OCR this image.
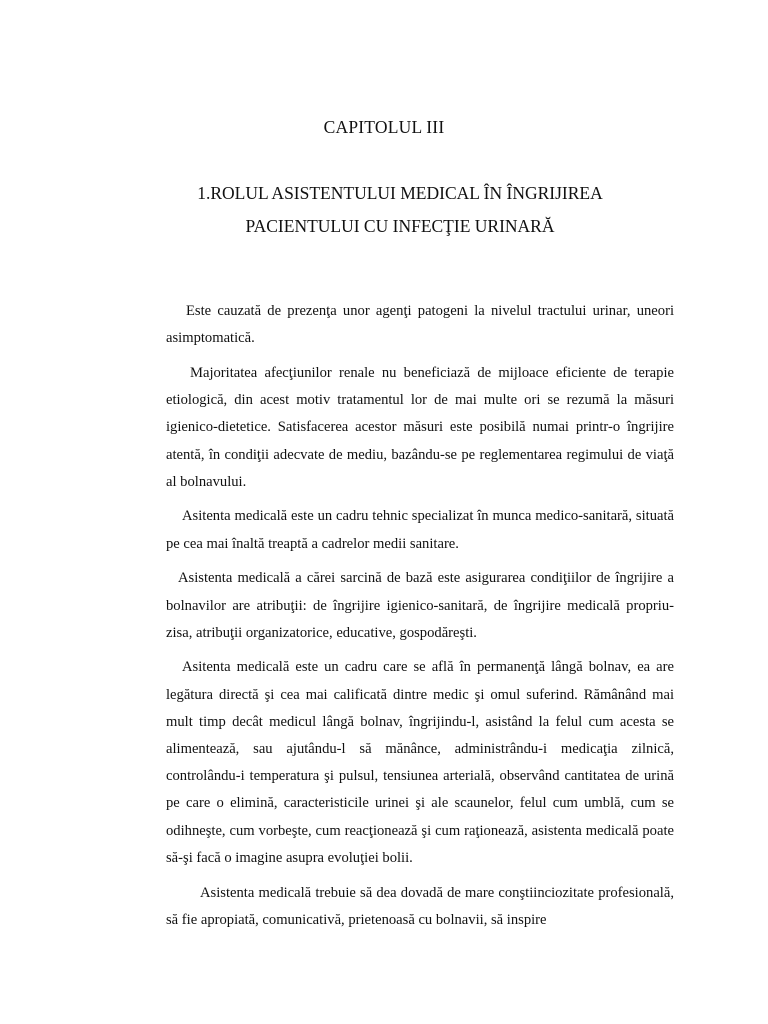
CAPITOLUL III
1.ROLUL ASISTENTULUI MEDICAL ÎN ÎNGRIJIREA
PACIENTULUI CU INFECŢIE URINARĂ

Este cauzată de prezenţa unor agenţi patogeni la nivelul tractului urinar, uneori asimptomatică.

Majoritatea afecţiunilor renale nu beneficiază de mijloace eficiente de terapie etiologică, din acest motiv tratamentul lor de mai multe ori se rezumă la măsuri igienico-dietetice. Satisfacerea acestor măsuri este posibilă numai printr-o îngrijire atentă, în condiţii adecvate de mediu, bazându-se pe reglementarea regimului de viaţă al bolnavului.

Asitenta medicală este un cadru tehnic specializat în munca medico-sanitară, situată pe cea mai înaltă treaptă a cadrelor medii sanitare.

Asistenta medicală a cărei sarcină de bază este asigurarea condiţiilor de îngrijire a bolnavilor are atribuţii: de îngrijire igienico-sanitară, de îngrijire medicală propriu-zisa, atribuţii organizatorice, educative, gospodăreşti.

Asitenta medicală este un cadru care se află în permanenţă lângă bolnav, ea are legătura directă şi cea mai calificată dintre medic şi omul suferind. Rămânând mai mult timp decât medicul lângă bolnav, îngrijindu-l, asistând la felul cum acesta se alimentează, sau ajutându-l să mănânce, administrându-i medicaţia zilnică, controlându-i temperatura şi pulsul, tensiunea arterială, observând cantitatea de urină pe care o elimină, caracteristicile urinei şi ale scaunelor, felul cum umblă, cum se odihneşte, cum vorbeşte, cum reacţionează şi cum raţionează, asistenta medicală poate să-şi facă o imagine asupra evoluţiei bolii.

Asistenta medicală trebuie să dea dovadă de mare conştiinciozitate profesională, să fie apropiată, comunicativă, prietenoasă cu bolnavii, să inspire
